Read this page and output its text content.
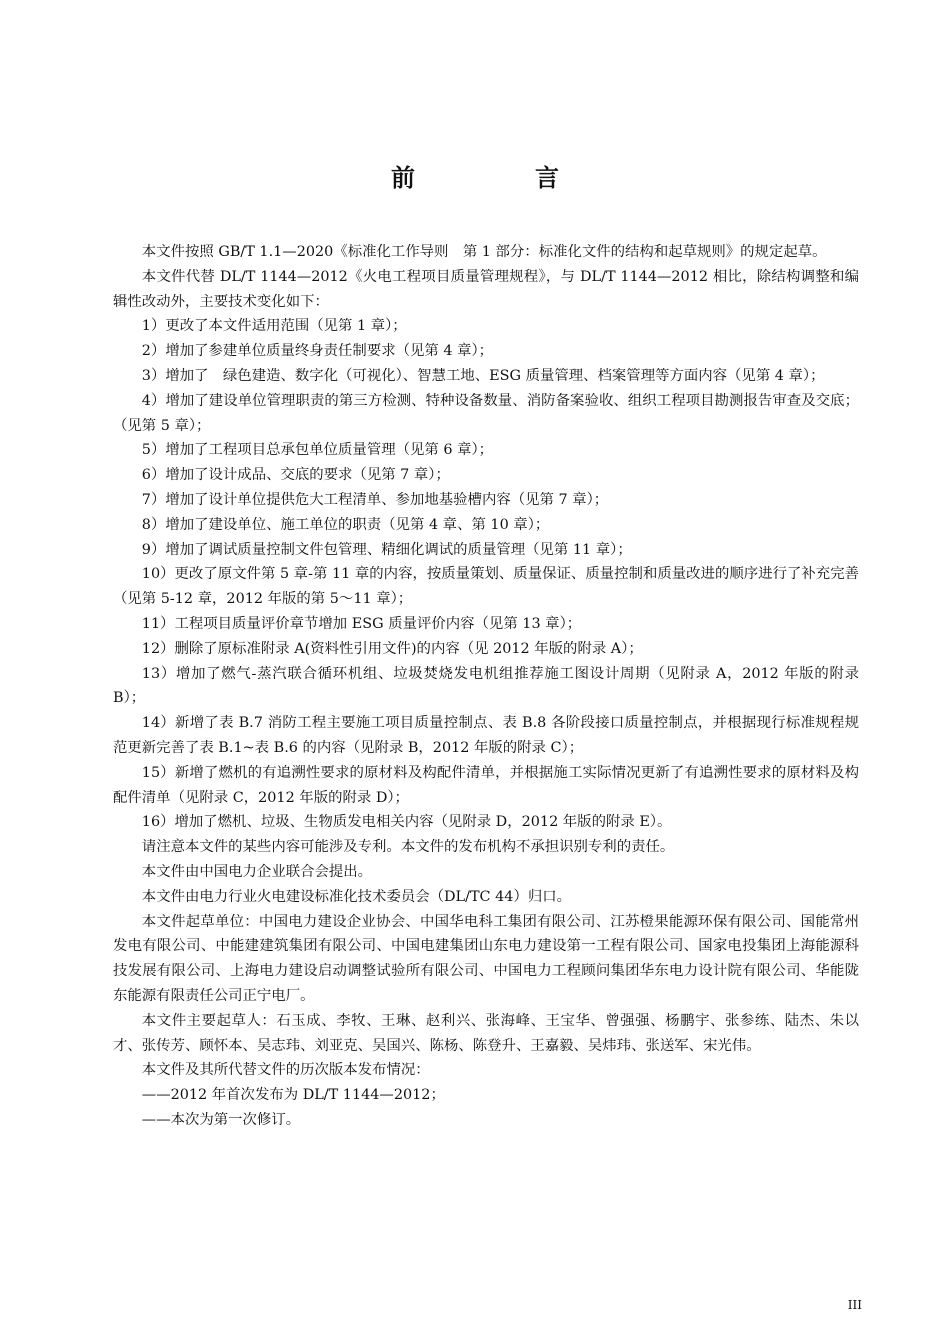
前　言

本文件按照 GB/T 1.1—2020《标准化工作导则　第 1 部分：标准化文件的结构和起草规则》的规定起草。

本文件代替 DL/T 1144—2012《火电工程项目质量管理规程》，与 DL/T 1144—2012 相比，除结构调整和编辑性改动外，主要技术变化如下：

1）更改了本文件适用范围（见第 1 章）；

2）增加了参建单位质量终身责任制要求（见第 4 章）；

3）增加了　绿色建造、数字化（可视化）、智慧工地、ESG 质量管理、档案管理等方面内容（见第 4 章）；

4）增加了建设单位管理职责的第三方检测、特种设备数量、消防备案验收、组织工程项目勘测报告审查及交底；（见第 5 章）；

5）增加了工程项目总承包单位质量管理（见第 6 章）；

6）增加了设计成品、交底的要求（见第 7 章）；

7）增加了设计单位提供危大工程清单、参加地基验槽内容（见第 7 章）；

8）增加了建设单位、施工单位的职责（见第 4 章、第 10 章）；

9）增加了调试质量控制文件包管理、精细化调试的质量管理（见第 11 章）；

10）更改了原文件第 5 章-第 11 章的内容，按质量策划、质量保证、质量控制和质量改进的顺序进行了补充完善（见第 5-12 章，2012 年版的第 5～11 章）；

11）工程项目质量评价章节增加 ESG 质量评价内容（见第 13 章）；

12）删除了原标准附录 A(资料性引用文件)的内容（见 2012 年版的附录 A）；

13）增加了燃气-蒸汽联合循环机组、垃圾焚烧发电机组推荐施工图设计周期（见附录 A，2012 年版的附录 B）；

14）新增了表 B.7 消防工程主要施工项目质量控制点、表 B.8 各阶段接口质量控制点，并根据现行标准规程规范更新完善了表 B.1~表 B.6 的内容（见附录 B，2012 年版的附录 C）；

15）新增了燃机的有追溯性要求的原材料及构配件清单，并根据施工实际情况更新了有追溯性要求的原材料及构配件清单（见附录 C，2012 年版的附录 D）；

16）增加了燃机、垃圾、生物质发电相关内容（见附录 D，2012 年版的附录 E）。

请注意本文件的某些内容可能涉及专利。本文件的发布机构不承担识别专利的责任。

本文件由中国电力企业联合会提出。

本文件由电力行业火电建设标准化技术委员会（DL/TC 44）归口。

本文件起草单位：中国电力建设企业协会、中国华电科工集团有限公司、江苏橙果能源环保有限公司、国能常州发电有限公司、中能建建筑集团有限公司、中国电建集团山东电力建设第一工程有限公司、国家电投集团上海能源科技发展有限公司、上海电力建设启动调整试验所有限公司、中国电力工程顾问集团华东电力设计院有限公司、华能陇东能源有限责任公司正宁电厂。

本文件主要起草人：石玉成、李牧、王琳、赵利兴、张海峰、王宝华、曾强强、杨鹏宇、张参练、陆杰、朱以才、张传芳、顾怀本、吴志玮、刘亚克、吴国兴、陈杨、陈登升、王嘉毅、吴炜玮、张送军、宋光伟。

本文件及其所代替文件的历次版本发布情况：

——2012 年首次发布为 DL/T 1144—2012；

——本次为第一次修订。

III
